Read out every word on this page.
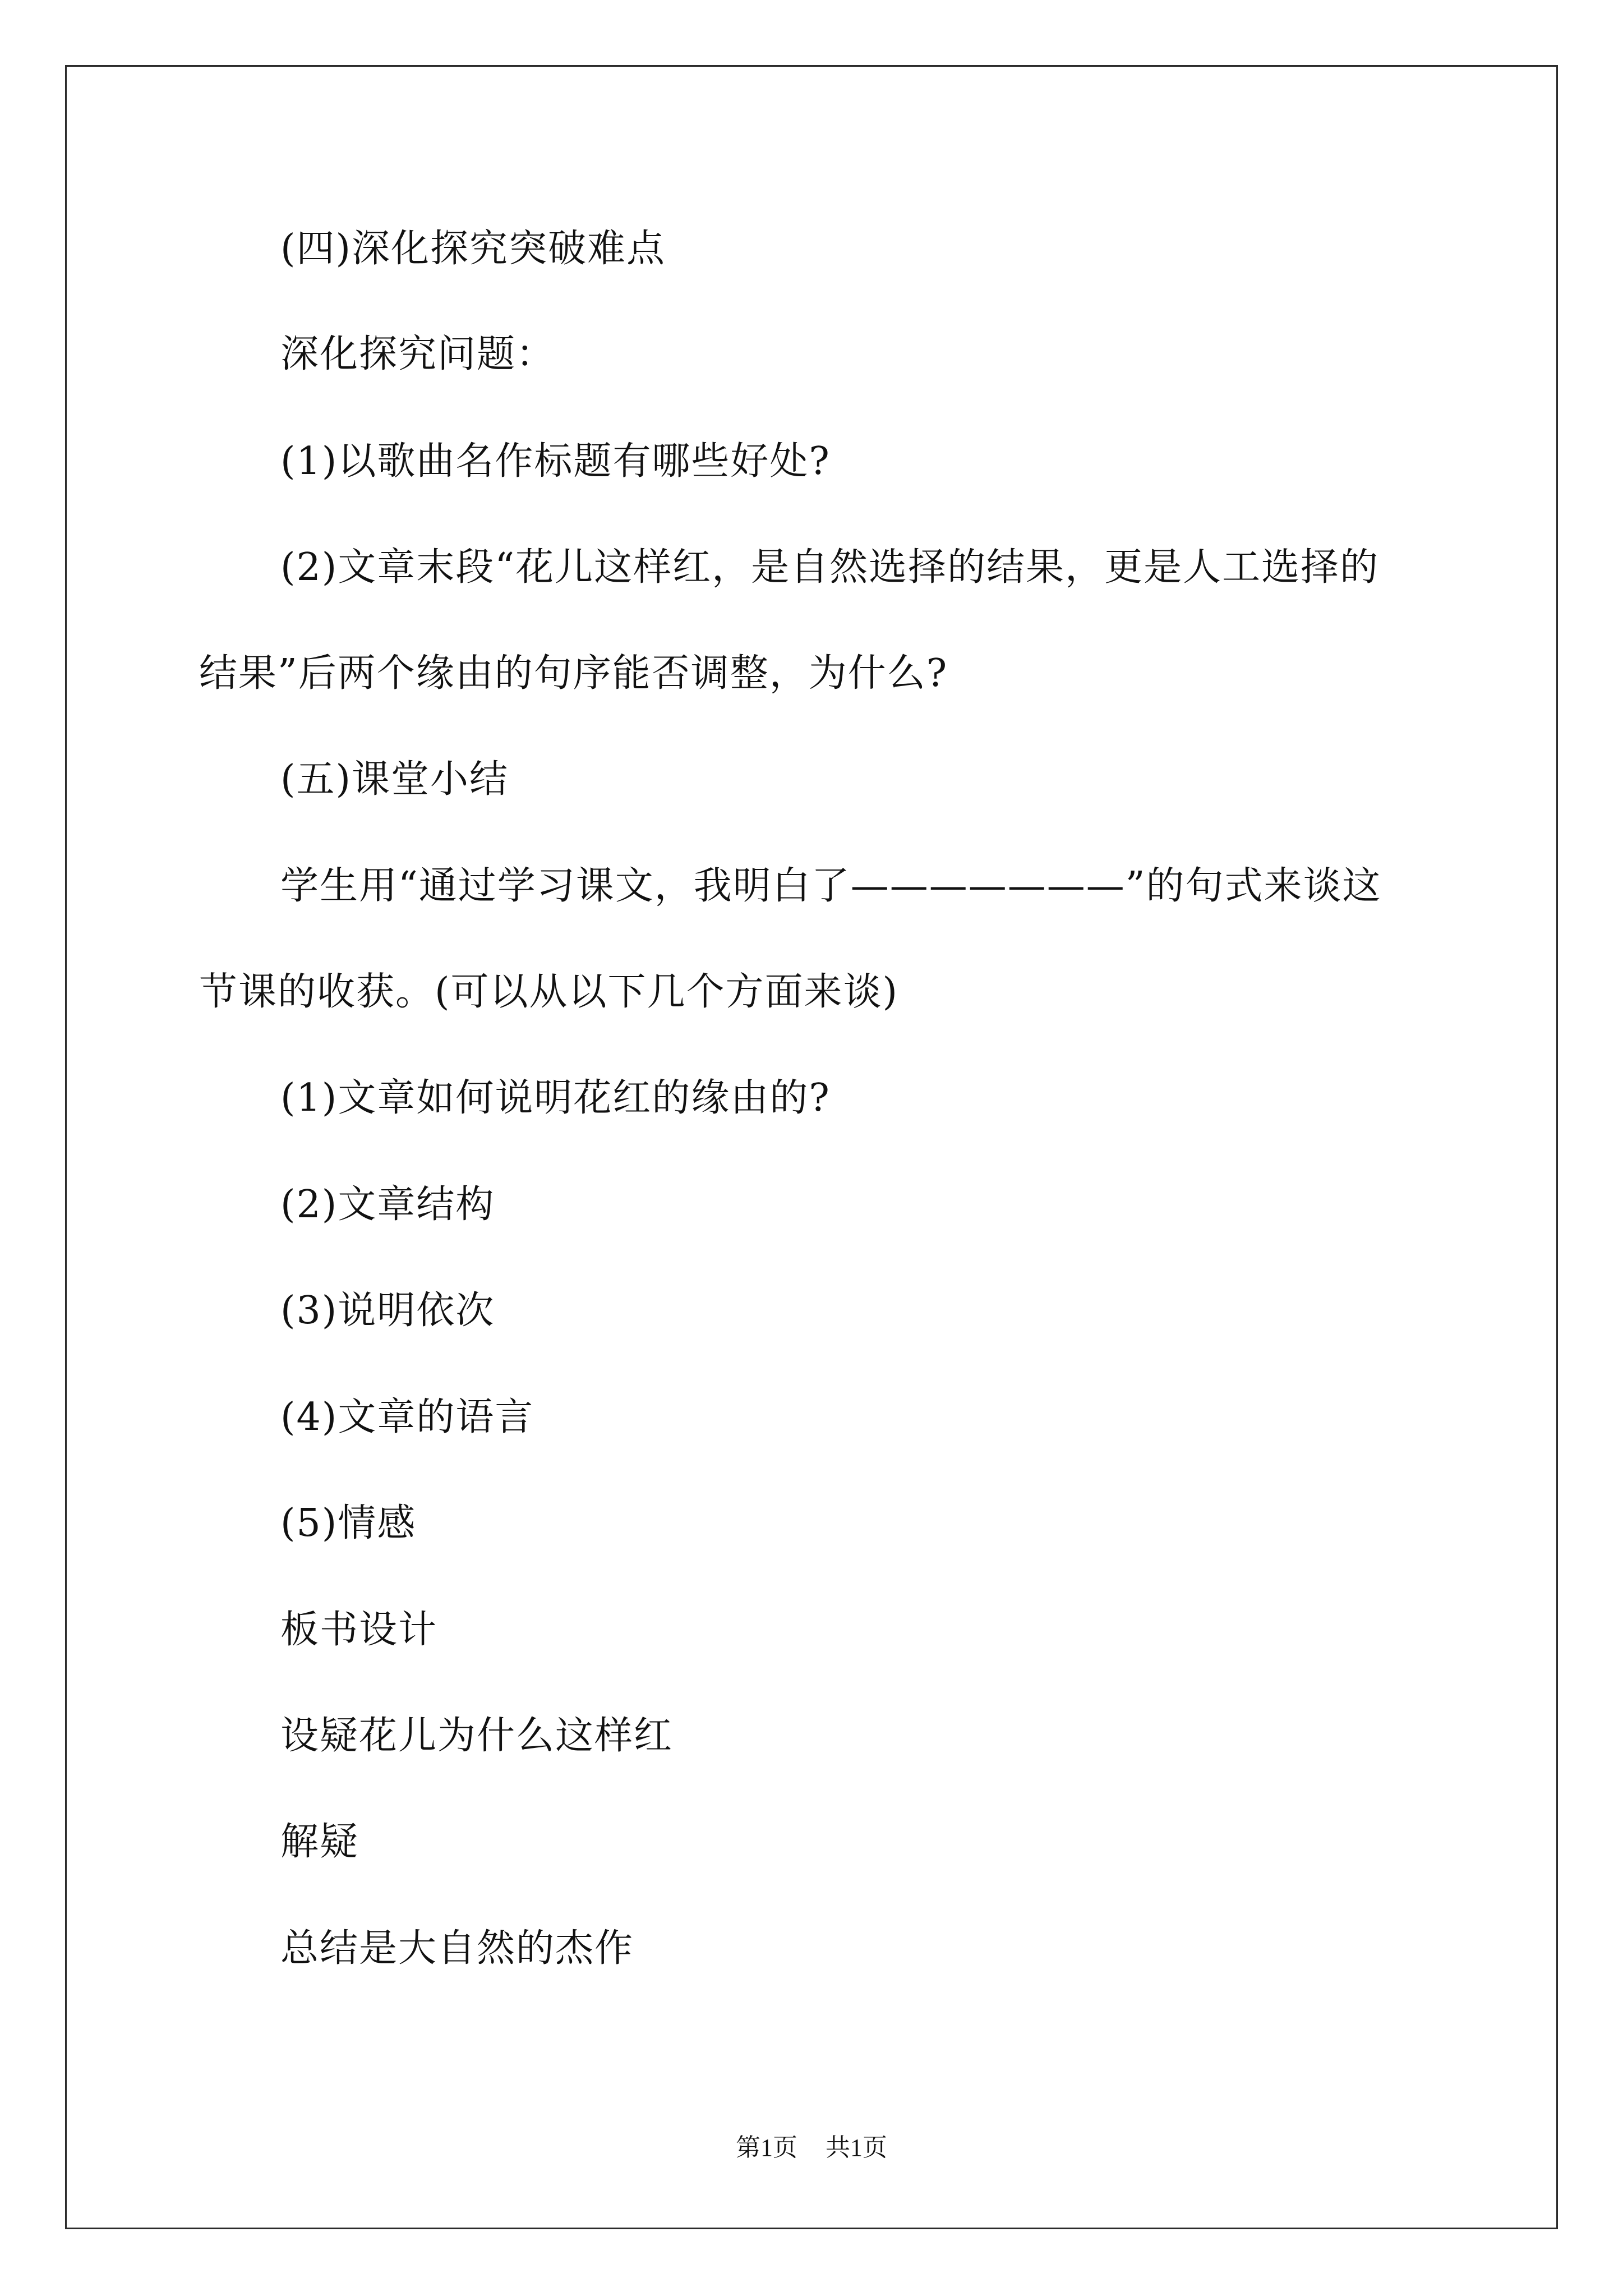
(四)深化探究突破难点
深化探究问题：
(1)以歌曲名作标题有哪些好处?
(2)文章末段“花儿这样红，是自然选择的结果，更是人工选择的
结果”后两个缘由的句序能否调整，为什么?
(五)课堂小结
学生用“通过学习课文，我明白了———————”的句式来谈这
节课的收获。(可以从以下几个方面来谈)
(1)文章如何说明花红的缘由的?
(2)文章结构
(3)说明依次
(4)文章的语言
(5)情感
板书设计
设疑花儿为什么这样红
解疑
总结是大自然的杰作
第1页 共1页
